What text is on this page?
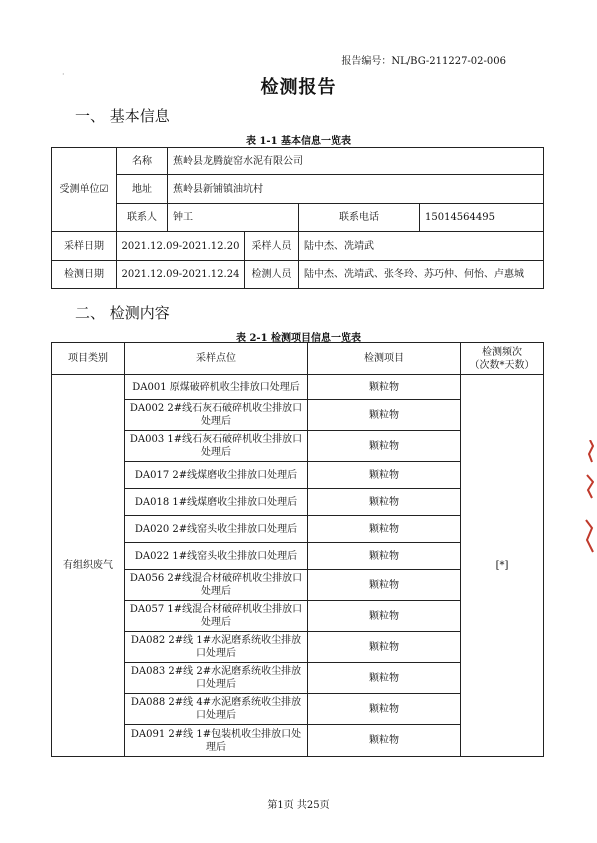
·
报告编号：NL/BG-211227-02-006
检测报告
一、 基本信息
表 1-1 基本信息一览表
受测单位☑	名称	蕉岭县龙腾旋窑水泥有限公司			
	地址	蕉岭县新铺镇油坑村			
	联系人	钟工		联系电话	15014564495
采样日期	2021.12.09-2021.12.20		采样人员	陆中杰、冼靖武	
检测日期	2021.12.09-2021.12.24		检测人员	陆中杰、冼靖武、张冬玲、苏巧仲、何怡、卢惠城	
二、 检测内容
表 2-1 检测项目信息一览表
项目类别	采样点位	检测项目	检测频次
（次数*天数）
有组织废气	DA001 原煤破碎机收尘排放口处理后	颗粒物	[*]
	DA002 2#线石灰石破碎机收尘排放口处理后	颗粒物	
	DA003 1#线石灰石破碎机收尘排放口处理后	颗粒物	
	DA017 2#线煤磨收尘排放口处理后	颗粒物	
	DA018 1#线煤磨收尘排放口处理后	颗粒物	
	DA020 2#线窑头收尘排放口处理后	颗粒物	
	DA022 1#线窑头收尘排放口处理后	颗粒物	
	DA056 2#线混合材破碎机收尘排放口处理后	颗粒物	
	DA057 1#线混合材破碎机收尘排放口处理后	颗粒物	
	DA082 2#线 1#水泥磨系统收尘排放口处理后	颗粒物	
	DA083 2#线 2#水泥磨系统收尘排放口处理后	颗粒物	
	DA088 2#线 4#水泥磨系统收尘排放口处理后	颗粒物	
	DA091 2#线 1#包装机收尘排放口处理后	颗粒物	
第1页 共25页
